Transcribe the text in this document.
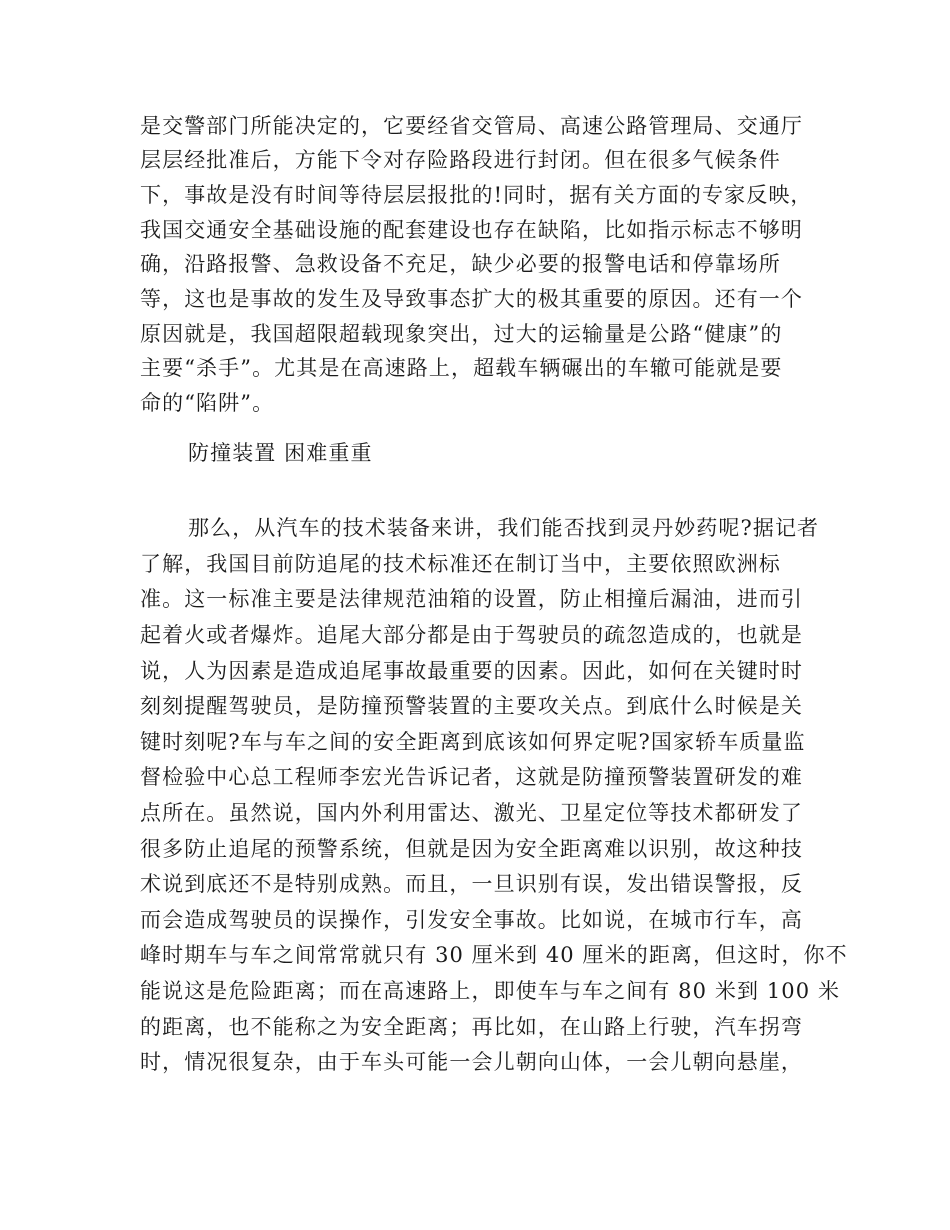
是交警部门所能决定的，它要经省交管局、高速公路管理局、交通厅
层层经批准后，方能下令对存险路段进行封闭。但在很多气候条件
下，事故是没有时间等待层层报批的!同时，据有关方面的专家反映，
我国交通安全基础设施的配套建设也存在缺陷，比如指示标志不够明
确，沿路报警、急救设备不充足，缺少必要的报警电话和停靠场所
等，这也是事故的发生及导致事态扩大的极其重要的原因。还有一个
原因就是，我国超限超载现象突出，过大的运输量是公路“健康”的
主要“杀手”。尤其是在高速路上，超载车辆碾出的车辙可能就是要
命的“陷阱”。
防撞装置 困难重重
那么，从汽车的技术装备来讲，我们能否找到灵丹妙药呢?据记者
了解，我国目前防追尾的技术标准还在制订当中，主要依照欧洲标
准。这一标准主要是法律规范油箱的设置，防止相撞后漏油，进而引
起着火或者爆炸。追尾大部分都是由于驾驶员的疏忽造成的，也就是
说，人为因素是造成追尾事故最重要的因素。因此，如何在关键时时
刻刻提醒驾驶员，是防撞预警装置的主要攻关点。到底什么时候是关
键时刻呢?车与车之间的安全距离到底该如何界定呢?国家轿车质量监
督检验中心总工程师李宏光告诉记者，这就是防撞预警装置研发的难
点所在。虽然说，国内外利用雷达、激光、卫星定位等技术都研发了
很多防止追尾的预警系统，但就是因为安全距离难以识别，故这种技
术说到底还不是特别成熟。而且，一旦识别有误，发出错误警报，反
而会造成驾驶员的误操作，引发安全事故。比如说，在城市行车，高
峰时期车与车之间常常就只有 30 厘米到 40 厘米的距离，但这时，你不
能说这是危险距离；而在高速路上，即使车与车之间有 80 米到 100 米
的距离，也不能称之为安全距离；再比如，在山路上行驶，汽车拐弯
时，情况很复杂，由于车头可能一会儿朝向山体，一会儿朝向悬崖，
